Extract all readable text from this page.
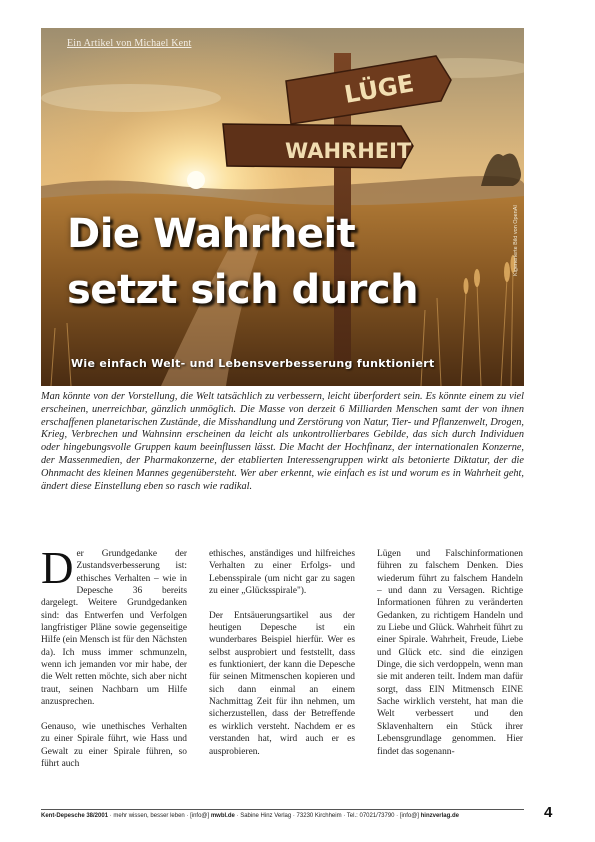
LÜGE
WAHRHEIT
Ein Artikel von Michael Kent
Die Wahrheit
setzt sich durch
Wie einfach Welt- und Lebensverbesserung funktioniert
Kigenerierte Bild von OpenAI

Man könnte von der Vorstellung, die Welt tatsächlich zu verbessern, leicht überfordert sein. Es könnte einem zu viel erscheinen, unerreichbar, gänzlich unmöglich. Die Masse von derzeit 6 Milliarden Menschen samt der von ihnen erschaffenen planetarischen Zustände, die Misshandlung und Zerstörung von Natur, Tier- und Pflanzenwelt, Drogen, Krieg, Verbrechen und Wahnsinn erscheinen da leicht als unkontrollierbares Gebilde, das sich durch Individuen oder hingebungsvolle Gruppen kaum beeinflussen lässt. Die Macht der Hochfinanz, der internationalen Konzerne, der Massenmedien, der Pharmakonzerne, der etablierten Interessengruppen wirkt als betonierte Diktatur, der die Ohnmacht des kleinen Mannes gegenübersteht. Wer aber erkennt, wie einfach es ist und worum es in Wahrheit geht, ändert diese Einstellung eben so rasch wie radikal.

Der Grundgedanke der Zustandsverbesserung ist: ethisches Verhalten – wie in Depesche 36 bereits dargelegt. Weitere Grundgedanken sind: das Entwerfen und Verfolgen langfristiger Pläne sowie gegenseitige Hilfe (ein Mensch ist für den Nächsten da). Ich muss immer schmunzeln, wenn ich jemanden vor mir habe, der die Welt retten möchte, sich aber nicht traut, seinen Nachbarn um Hilfe anzusprechen.

Genauso, wie unethisches Verhalten zu einer Spirale führt, wie Hass und Gewalt zu einer Spirale führen, so führt auch

ethisches, anständiges und hilfreiches Verhalten zu einer Erfolgs- und Lebensspirale (um nicht gar zu sagen zu einer „Glücksspirale").

Der Entsäuerungsartikel aus der heutigen Depesche ist ein wunderbares Beispiel hierfür. Wer es selbst ausprobiert und feststellt, dass es funktioniert, der kann die Depesche für seinen Mitmenschen kopieren und sich dann einmal an einem Nachmittag Zeit für ihn nehmen, um sicherzustellen, dass der Betreffende es wirklich versteht. Nachdem er es verstanden hat, wird auch er es ausprobieren.

Lügen und Falschinformationen führen zu falschem Denken. Dies wiederum führt zu falschem Handeln – und dann zu Versagen. Richtige Informationen führen zu veränderten Gedanken, zu richtigem Handeln und zu Liebe und Glück. Wahrheit führt zu einer Spirale. Wahrheit, Freude, Liebe und Glück etc. sind die einzigen Dinge, die sich verdoppeln, wenn man sie mit anderen teilt. Indem man dafür sorgt, dass EIN Mitmensch EINE Sache wirklich versteht, hat man die Welt verbessert und den Sklavenhaltern ein Stück ihrer Lebensgrundlage genommen. Hier findet das sogenann-

Kent-Depesche 38/2001 · mehr wissen, besser leben · [info@] mwbl.de · Sabine Hinz Verlag · 73230 Kirchheim · Tel.: 07021/73790 · [info@] hinzverlag.de	4
